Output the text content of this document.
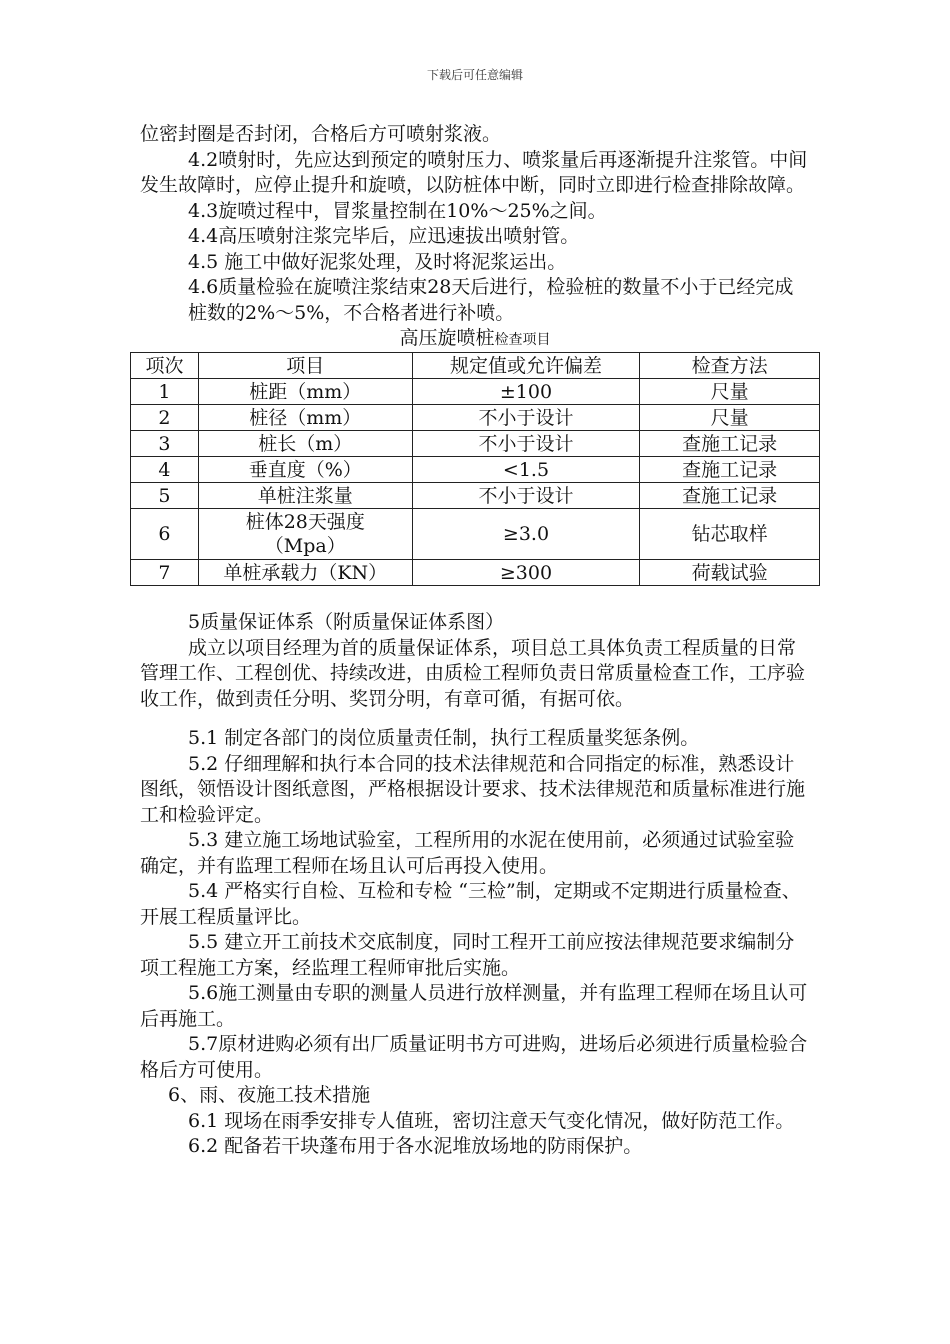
下载后可任意编辑

位密封圈是否封闭，合格后方可喷射浆液。

4.2喷射时，先应达到预定的喷射压力、喷浆量后再逐渐提升注浆管。中间发生故障时，应停止提升和旋喷，以防桩体中断，同时立即进行检查排除故障。

4.3旋喷过程中，冒浆量控制在10%～25%之间。

4.4高压喷射注浆完毕后，应迅速拔出喷射管。

4.5 施工中做好泥浆处理，及时将泥浆运出。

4.6质量检验在旋喷注浆结束28天后进行，检验桩的数量不小于已经完成桩数的2%～5%，不合格者进行补喷。

高压旋喷桩检查项目

项次	项目	规定值或允许偏差	检查方法
1	桩距（mm）	±100	尺量
2	桩径（mm）	不小于设计	尺量
3	桩长（m）	不小于设计	查施工记录
4	垂直度（%）	<1.5	查施工记录
5	单桩注浆量	不小于设计	查施工记录
6	桩体28天强度（Mpa）	≥3.0	钻芯取样
7	单桩承载力（KN）	≥300	荷载试验

5质量保证体系（附质量保证体系图）

成立以项目经理为首的质量保证体系，项目总工具体负责工程质量的日常管理工作、工程创优、持续改进，由质检工程师负责日常质量检查工作，工序验收工作，做到责任分明、奖罚分明，有章可循，有据可依。

5.1 制定各部门的岗位质量责任制，执行工程质量奖惩条例。

5.2 仔细理解和执行本合同的技术法律规范和合同指定的标准，熟悉设计图纸，领悟设计图纸意图，严格根据设计要求、技术法律规范和质量标准进行施工和检验评定。

5.3 建立施工场地试验室，工程所用的水泥在使用前，必须通过试验室验确定，并有监理工程师在场且认可后再投入使用。

5.4 严格实行自检、互检和专检 “三检”制，定期或不定期进行质量检查、开展工程质量评比。

5.5 建立开工前技术交底制度，同时工程开工前应按法律规范要求编制分项工程施工方案，经监理工程师审批后实施。

5.6施工测量由专职的测量人员进行放样测量，并有监理工程师在场且认可后再施工。

5.7原材进购必须有出厂质量证明书方可进购，进场后必须进行质量检验合格后方可使用。

6、雨、夜施工技术措施

6.1 现场在雨季安排专人值班，密切注意天气变化情况，做好防范工作。

6.2 配备若干块蓬布用于各水泥堆放场地的防雨保护。
